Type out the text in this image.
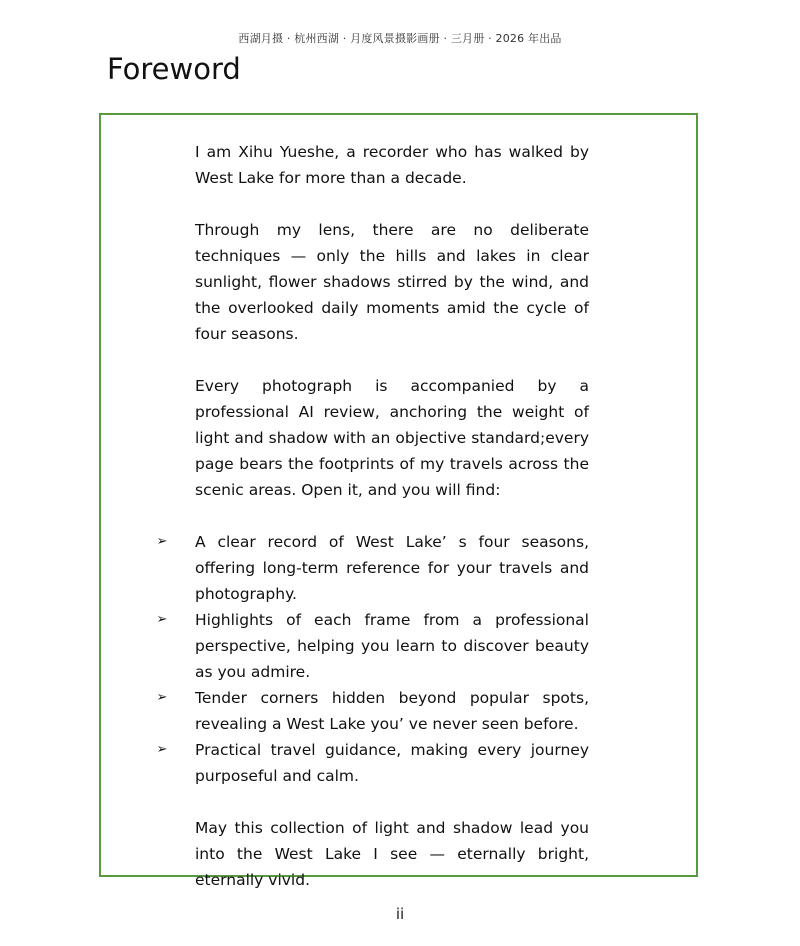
西湖月摄 · 杭州西湖 · 月度风景摄影画册 · 三月册 · 2026 年出品
Foreword

I am Xihu Yueshe, a recorder who has walked by West Lake for more than a decade.

Through my lens, there are no deliberate techniques — only the hills and lakes in clear sunlight, flower shadows stirred by the wind, and the overlooked daily moments amid the cycle of four seasons.

Every photograph is accompanied by a professional AI review, anchoring the weight of light and shadow with an objective standard;every page bears the footprints of my travels across the scenic areas. Open it, and you will find:

➢ A clear record of West Lake’ s four seasons, offering long-term reference for your travels and photography.
➢ Highlights of each frame from a professional perspective, helping you learn to discover beauty as you admire.
➢ Tender corners hidden beyond popular spots, revealing a West Lake you’ ve never seen before.
➢ Practical travel guidance, making every journey purposeful and calm.

May this collection of light and shadow lead you into the West Lake I see — eternally bright, eternally vivid.

ii
